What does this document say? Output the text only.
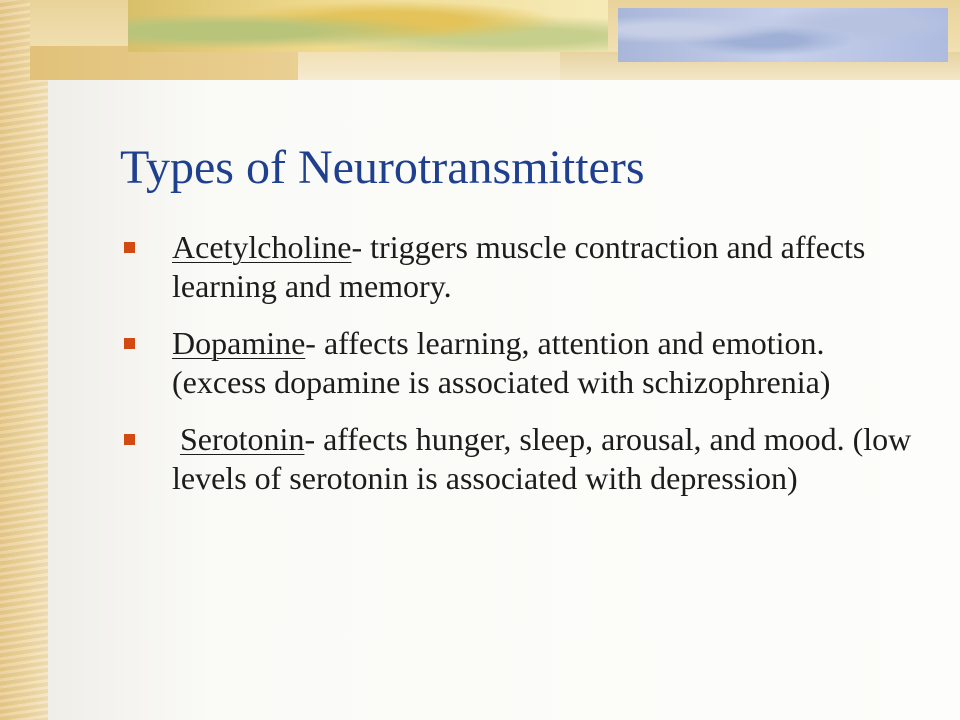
Types of Neurotransmitters
Acetylcholine- triggers muscle contraction and affects learning and memory.
Dopamine- affects learning, attention and emotion. (excess dopamine is associated with schizophrenia)
Serotonin- affects hunger, sleep, arousal, and mood. (low levels of serotonin is associated with depression)
